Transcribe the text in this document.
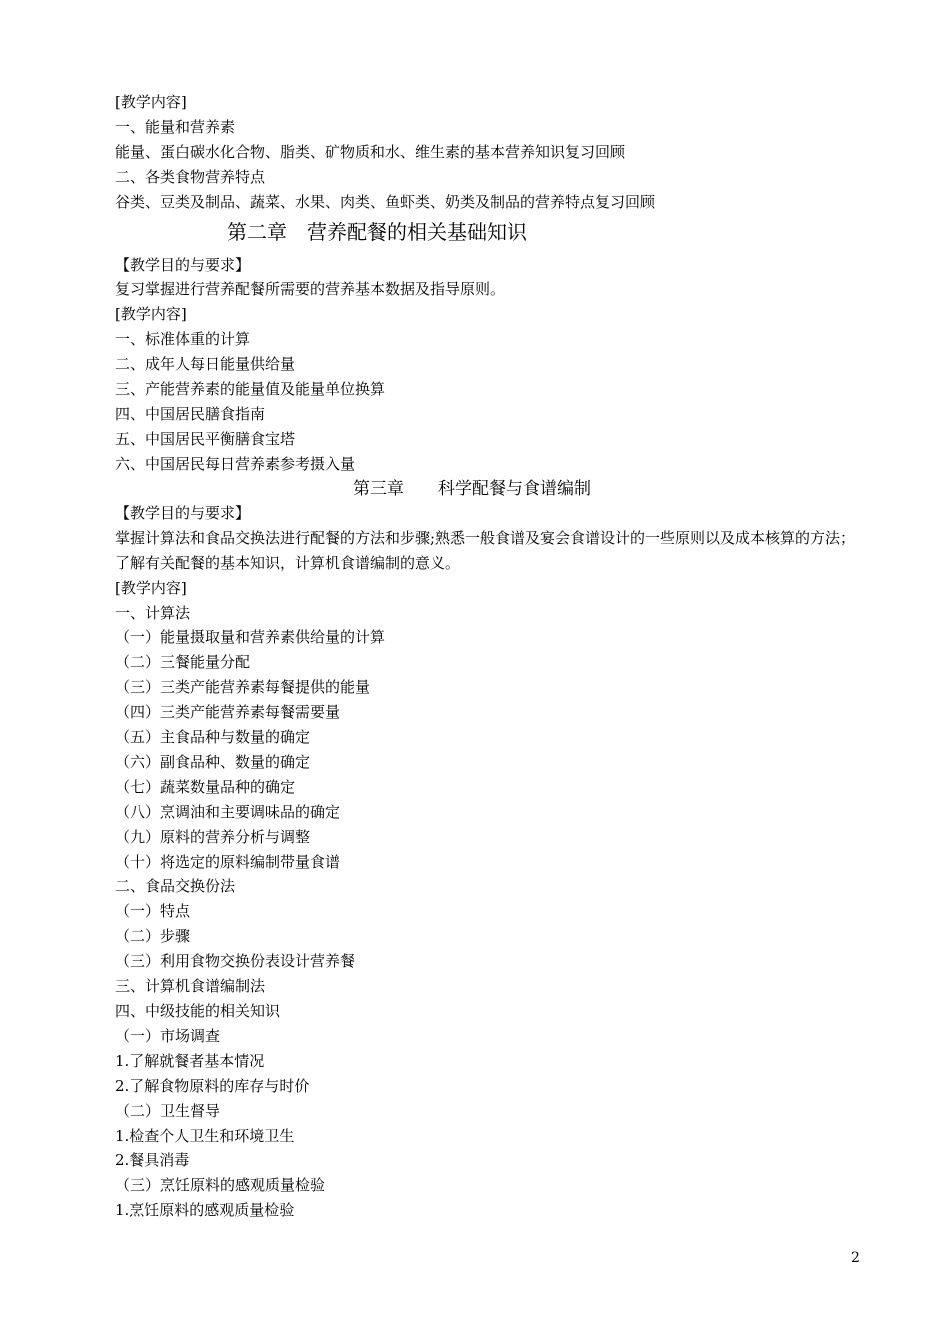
[教学内容]
一、能量和营养素
能量、蛋白碳水化合物、脂类、矿物质和水、维生素的基本营养知识复习回顾
二、各类食物营养特点
谷类、豆类及制品、蔬菜、水果、肉类、鱼虾类、奶类及制品的营养特点复习回顾
第二章　营养配餐的相关基础知识
【教学目的与要求】
复习掌握进行营养配餐所需要的营养基本数据及指导原则。
[教学内容]
一、标准体重的计算
二、成年人每日能量供给量
三、产能营养素的能量值及能量单位换算
四、中国居民膳食指南
五、中国居民平衡膳食宝塔
六、中国居民每日营养素参考摄入量
第三章　　科学配餐与食谱编制
【教学目的与要求】
掌握计算法和食品交换法进行配餐的方法和步骤;熟悉一般食谱及宴会食谱设计的一些原则以及成本核算的方法；了解有关配餐的基本知识，计算机食谱编制的意义。
[教学内容]
一、计算法
（一）能量摄取量和营养素供给量的计算
（二）三餐能量分配
（三）三类产能营养素每餐提供的能量
（四）三类产能营养素每餐需要量
（五）主食品种与数量的确定
（六）副食品种、数量的确定
（七）蔬菜数量品种的确定
（八）烹调油和主要调味品的确定
（九）原料的营养分析与调整
（十）将选定的原料编制带量食谱
二、食品交换份法
（一）特点
（二）步骤
（三）利用食物交换份表设计营养餐
三、计算机食谱编制法
四、中级技能的相关知识
（一）市场调查
1.了解就餐者基本情况
2.了解食物原料的库存与时价
（二）卫生督导
1.检查个人卫生和环境卫生
2.餐具消毒
（三）烹饪原料的感观质量检验
1.烹饪原料的感观质量检验
2
